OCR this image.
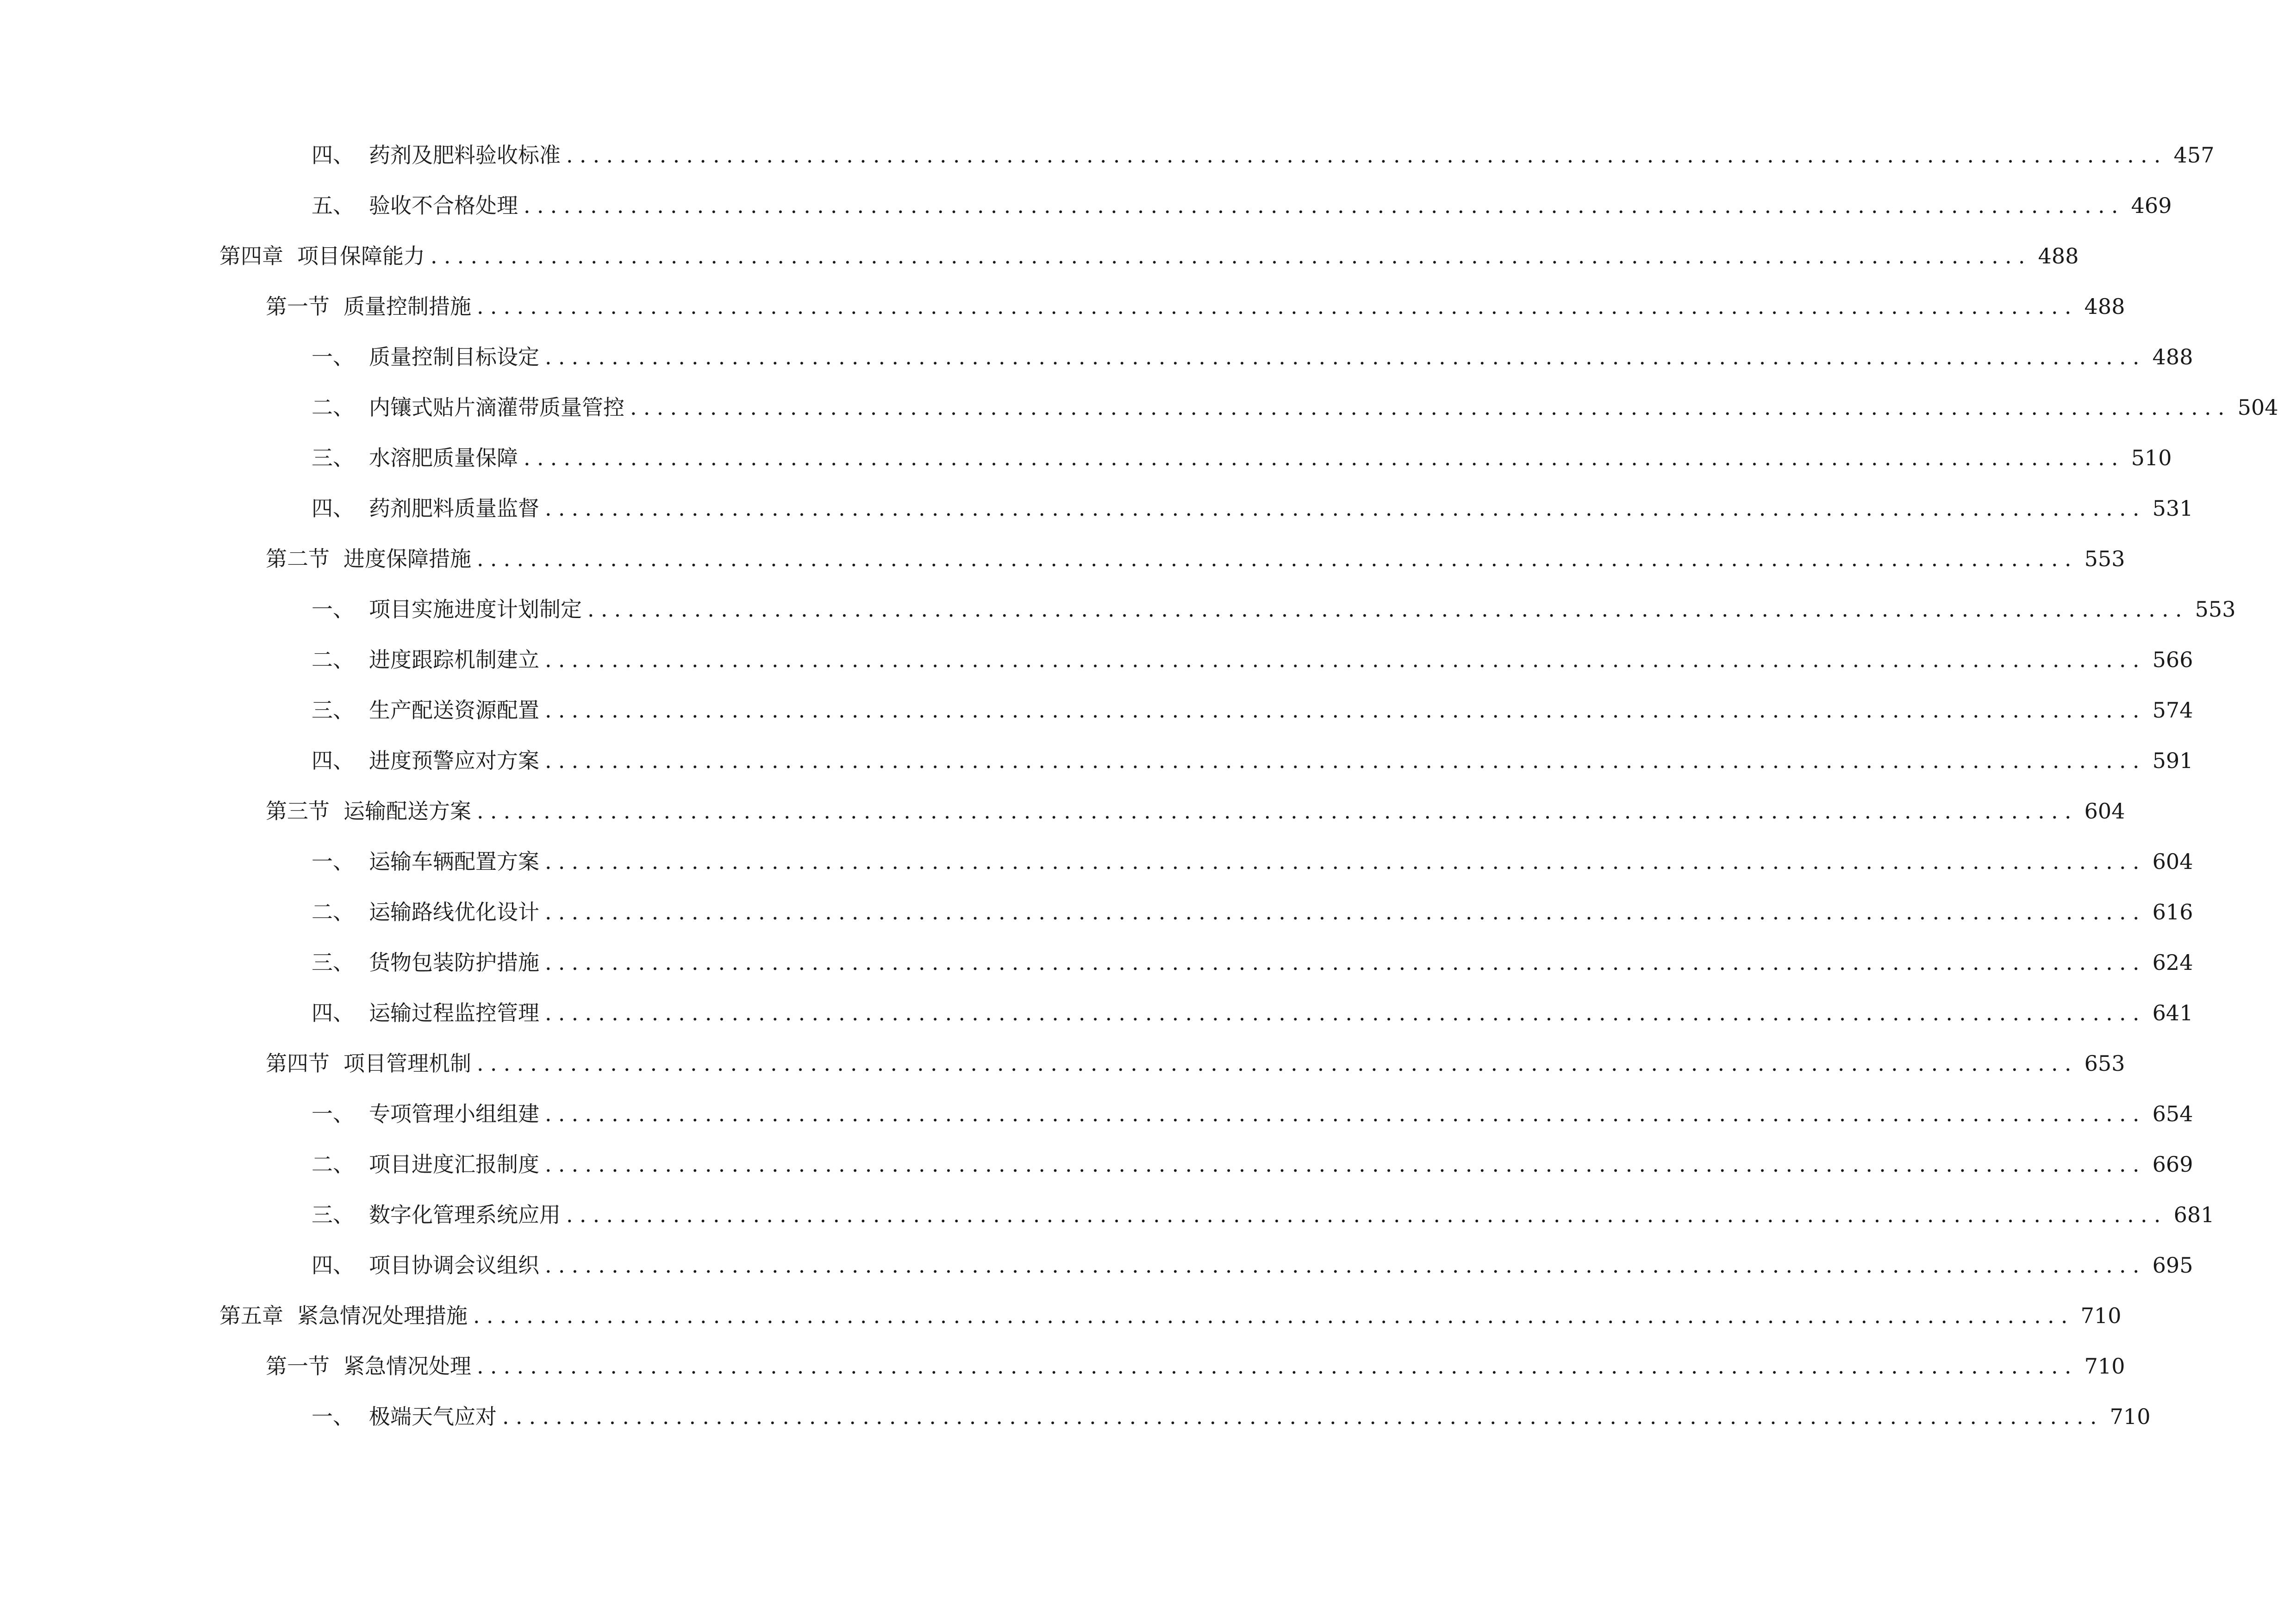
四、 药剂及肥料验收标准 ........................................................................................................................ 457
五、 验收不合格处理 ........................................................................................................................ 469
第四章 项目保障能力 ........................................................................................................................ 488
第一节 质量控制措施 ........................................................................................................................ 488
一、 质量控制目标设定 ........................................................................................................................ 488
二、 内镶式贴片滴灌带质量管控 ........................................................................................................................ 504
三、 水溶肥质量保障 ........................................................................................................................ 510
四、 药剂肥料质量监督 ........................................................................................................................ 531
第二节 进度保障措施 ........................................................................................................................ 553
一、 项目实施进度计划制定 ........................................................................................................................ 553
二、 进度跟踪机制建立 ........................................................................................................................ 566
三、 生产配送资源配置 ........................................................................................................................ 574
四、 进度预警应对方案 ........................................................................................................................ 591
第三节 运输配送方案 ........................................................................................................................ 604
一、 运输车辆配置方案 ........................................................................................................................ 604
二、 运输路线优化设计 ........................................................................................................................ 616
三、 货物包装防护措施 ........................................................................................................................ 624
四、 运输过程监控管理 ........................................................................................................................ 641
第四节 项目管理机制 ........................................................................................................................ 653
一、 专项管理小组组建 ........................................................................................................................ 654
二、 项目进度汇报制度 ........................................................................................................................ 669
三、 数字化管理系统应用 ........................................................................................................................ 681
四、 项目协调会议组织 ........................................................................................................................ 695
第五章 紧急情况处理措施 ........................................................................................................................ 710
第一节 紧急情况处理 ........................................................................................................................ 710
一、 极端天气应对 ........................................................................................................................ 710
